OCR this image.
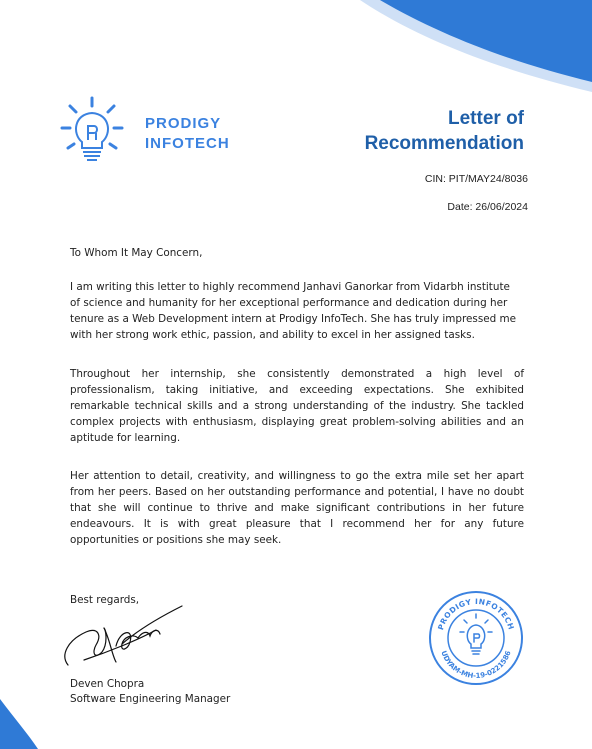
PRODIGY
INFOTECH
Letter of
Recommendation
CIN: PIT/MAY24/8036
Date: 26/06/2024
To Whom It May Concern,
I am writing this letter to highly recommend Janhavi Ganorkar from Vidarbh institute
of science and humanity for her exceptional performance and dedication during her
tenure as a Web Development intern at Prodigy InfoTech. She has truly impressed me
with her strong work ethic, passion, and ability to excel in her assigned tasks.
Throughout her internship, she consistently demonstrated a high level of
professionalism, taking initiative, and exceeding expectations. She exhibited
remarkable technical skills and a strong understanding of the industry. She tackled
complex projects with enthusiasm, displaying great problem-solving abilities and an
aptitude for learning.
Her attention to detail, creativity, and willingness to go the extra mile set her apart
from her peers. Based on her outstanding performance and potential, I have no doubt
that she will continue to thrive and make significant contributions in her future
endeavours. It is with great pleasure that I recommend her for any future
opportunities or positions she may seek.
Best regards,
Deven Chopra
Software Engineering Manager
PRODIGY INFOTECH
UDYAM-MH-19-0221586
